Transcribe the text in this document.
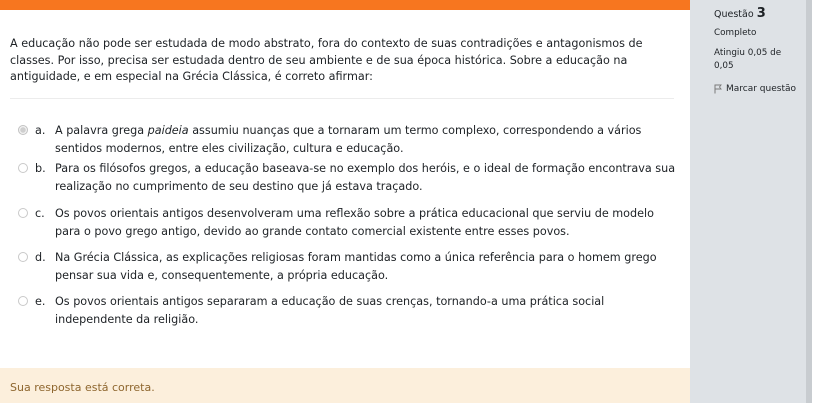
A educação não pode ser estudada de modo abstrato, fora do contexto de suas contradições e antagonismos de classes. Por isso, precisa ser estudada dentro de seu ambiente e de sua época histórica. Sobre a educação na antiguidade, e em especial na Grécia Clássica, é correto afirmar:

a. A palavra grega paideia assumiu nuanças que a tornaram um termo complexo, correspondendo a vários sentidos modernos, entre eles civilização, cultura e educação.
b. Para os filósofos gregos, a educação baseava-se no exemplo dos heróis, e o ideal de formação encontrava sua realização no cumprimento de seu destino que já estava traçado.
c. Os povos orientais antigos desenvolveram uma reflexão sobre a prática educacional que serviu de modelo para o povo grego antigo, devido ao grande contato comercial existente entre esses povos.
d. Na Grécia Clássica, as explicações religiosas foram mantidas como a única referência para o homem grego pensar sua vida e, consequentemente, a própria educação.
e. Os povos orientais antigos separaram a educação de suas crenças, tornando-a uma prática social independente da religião.
Sua resposta está correta.
Questão 3
Completo
Atingiu 0,05 de 0,05
Marcar questão
